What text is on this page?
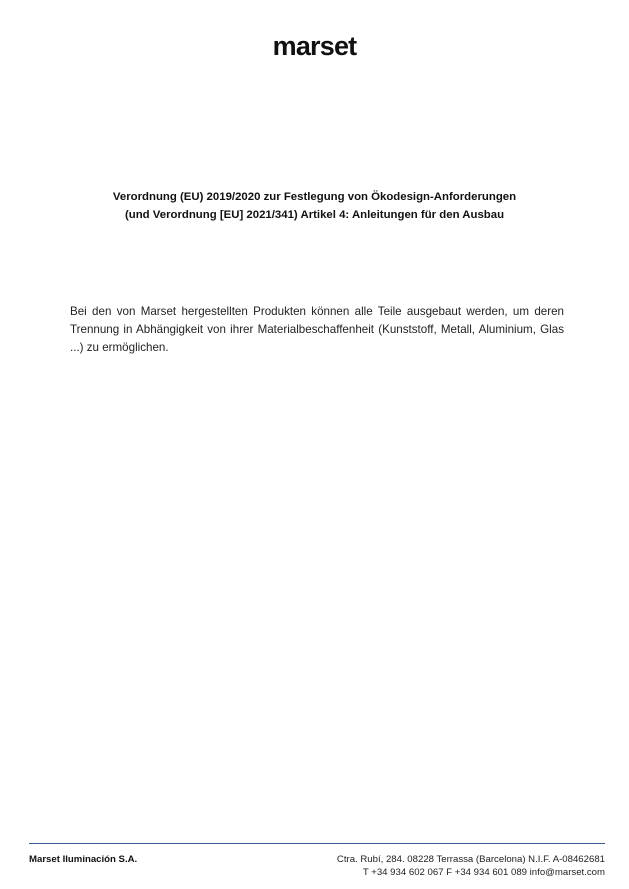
marset
Verordnung (EU) 2019/2020 zur Festlegung von Ökodesign-Anforderungen
(und Verordnung [EU] 2021/341) Artikel 4: Anleitungen für den Ausbau
Bei den von Marset hergestellten Produkten können alle Teile ausgebaut werden, um deren Trennung in Abhängigkeit von ihrer Materialbeschaffenheit (Kunststoff, Metall, Aluminium, Glas ...) zu ermöglichen.
Marset Iluminación S.A.	Ctra. Rubí, 284. 08228 Terrassa (Barcelona) N.I.F. A-08462681
T +34 934 602 067 F +34 934 601 089 info@marset.com
